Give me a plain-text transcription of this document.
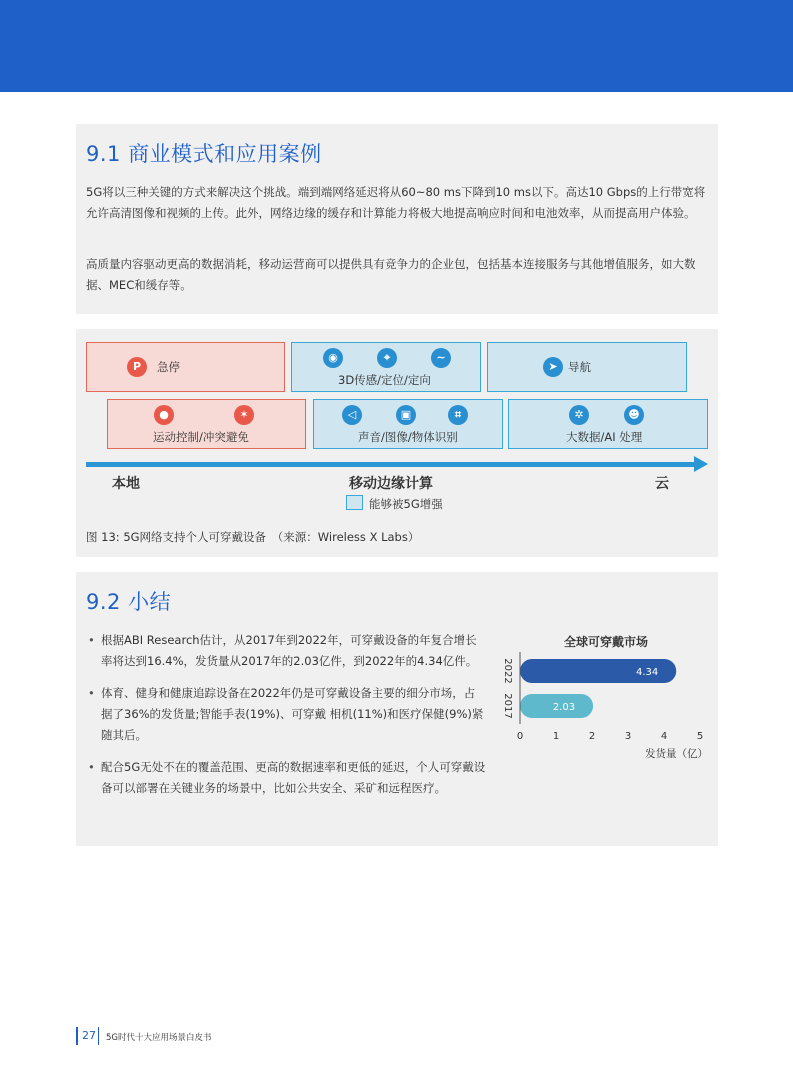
9.1 商业模式和应用案例

5G将以三种关键的方式来解决这个挑战。端到端网络延迟将从60~80 ms下降到10 ms以下。高达10 Gbps的上行带宽将允许高清图像和视频的上传。此外，网络边缘的缓存和计算能力将极大地提高响应时间和电池效率，从而提高用户体验。

高质量内容驱动更高的数据消耗，移动运营商可以提供具有竞争力的企业包，包括基本连接服务与其他增值服务，如大数据、MEC和缓存等。

P	急停
◉	⌖	~
3D传感/定位/定向
➤ 导航
●	✶
运动控制/冲突避免
◁	▣	⌗
声音/图像/物体识别
✲	☻
大数据/AI 处理
本地	移动边缘计算	云
能够被5G增强
图 13: 5G网络支持个人可穿戴设备　（来源：Wireless X Labs）
9.2 小结
• 根据ABI Research估计，从2017年到2022年，可穿戴设备的年复合增长率将达到16.4%，发货量从2017年的2.03亿件，到2022年的4.34亿件。
• 体育、健身和健康追踪设备在2022年仍是可穿戴设备主要的细分市场，占据了36%的发货量;智能手表(19%)、可穿戴 相机(11%)和医疗保健(9%)紧随其后。
• 配合5G无处不在的覆盖范围、更高的数据速率和更低的延迟，个人可穿戴设备可以部署在关键业务的场景中，比如公共安全、采矿和远程医疗。
全球可穿戴市场
4.34
2022
2.03
2017
0	1	2	3	4	5
发货量（亿）
27 5G时代十大应用场景白皮书
